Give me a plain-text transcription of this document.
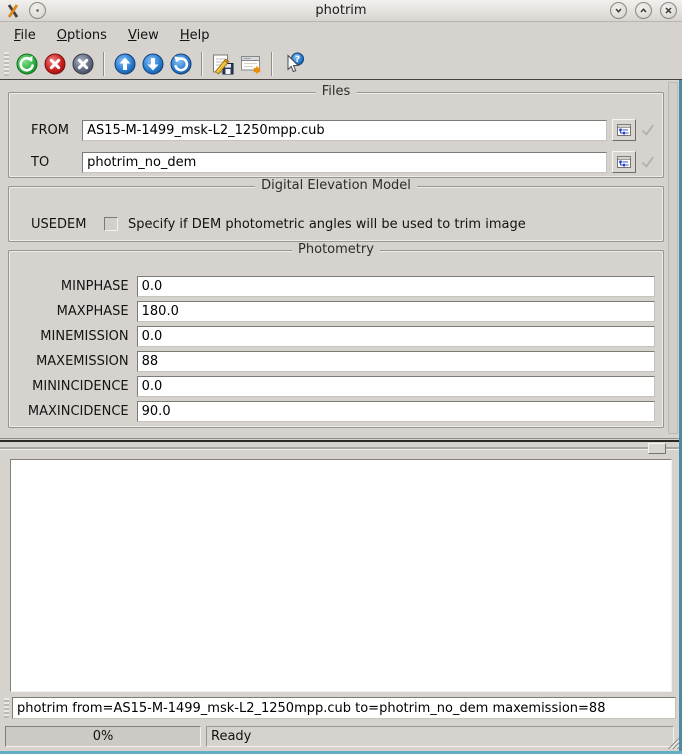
photrim
File Options View Help
?
Files
FROM
AS15-M-1499_msk-L2_1250mpp.cub
TO
photrim_no_dem
Digital Elevation Model
USEDEM	Specify if DEM photometric angles will be used to trim image
Photometry
MINPHASE
0.0
MAXPHASE
180.0
MINEMISSION
0.0
MAXEMISSION
88
MININCIDENCE
0.0
MAXINCIDENCE
90.0
photrim from=AS15-M-1499_msk-L2_1250mpp.cub to=photrim_no_dem maxemission=88
0%	Ready
